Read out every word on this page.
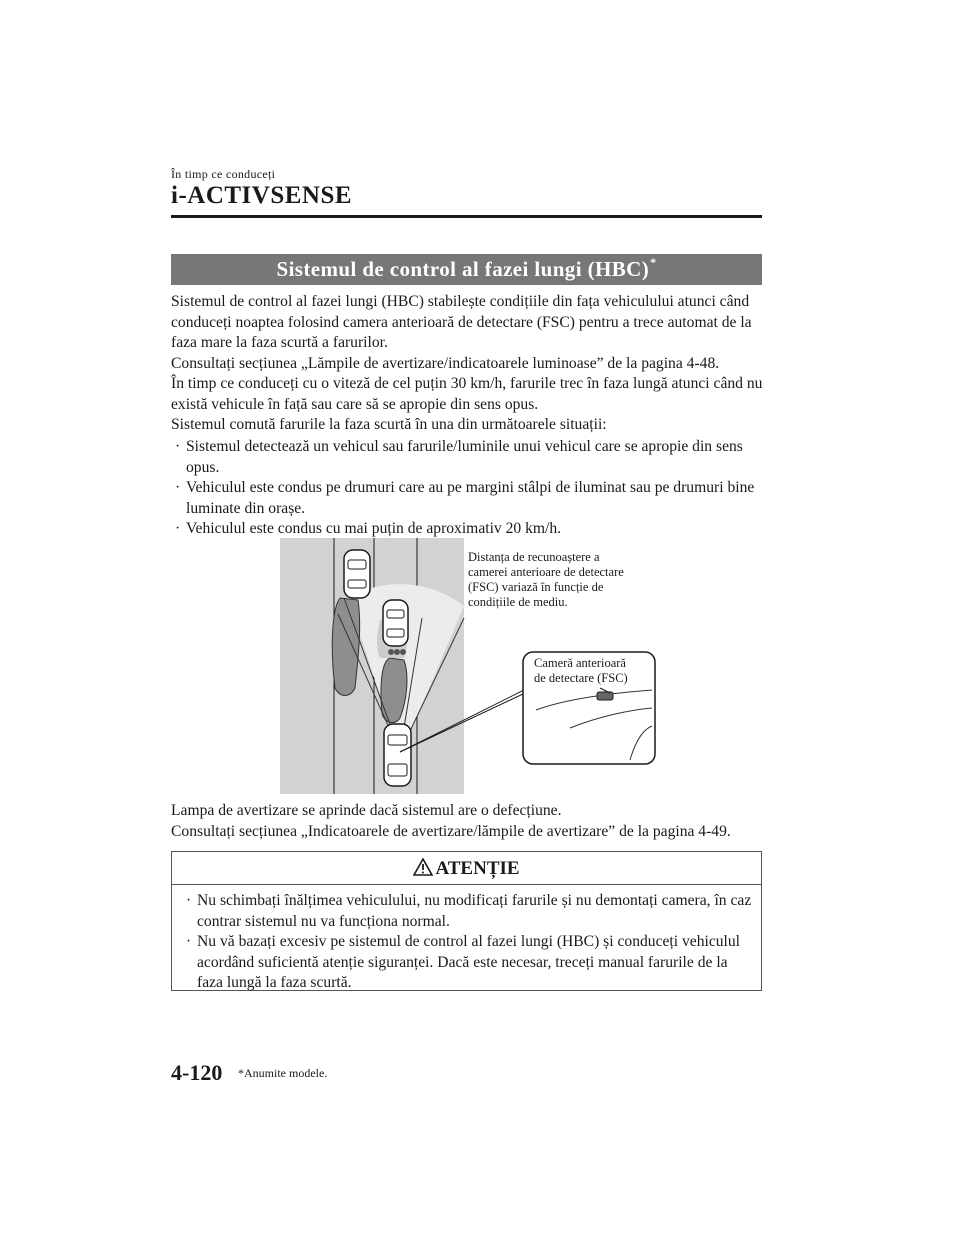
În timp ce conduceți
i-ACTIVSENSE
Sistemul de control al fazei lungi (HBC)*

Sistemul de control al fazei lungi (HBC) stabilește condițiile din fața vehiculului atunci când conduceți noaptea folosind camera anterioară de detectare (FSC) pentru a trece automat de la faza mare la faza scurtă a farurilor.

Consultați secțiunea „Lămpile de avertizare/indicatoarele luminoase” de la pagina 4-48.

În timp ce conduceți cu o viteză de cel puțin 30 km/h, farurile trec în faza lungă atunci când nu există vehicule în față sau care să se apropie din sens opus.

Sistemul comută farurile la faza scurtă în una din următoarele situații:

· Sistemul detectează un vehicul sau farurile/luminile unui vehicul care se apropie din sens opus.
· Vehiculul este condus pe drumuri care au pe margini stâlpi de iluminat sau pe drumuri bine luminate din orașe.
· Vehiculul este condus cu mai puțin de aproximativ 20 km/h.
Distanța de recunoaștere a
camerei anterioare de detectare
(FSC) variază în funcție de
condițiile de mediu.
Cameră anterioară
de detectare (FSC)

Lampa de avertizare se aprinde dacă sistemul are o defecțiune.

Consultați secțiunea „Indicatoarele de avertizare/lămpile de avertizare” de la pagina 4-49.

ATENȚIE
· Nu schimbați înălțimea vehiculului, nu modificați farurile și nu demontați camera, în caz contrar sistemul nu va funcționa normal.
· Nu vă bazați excesiv pe sistemul de control al fazei lungi (HBC) și conduceți vehiculul acordând suficientă atenție siguranței. Dacă este necesar, treceți manual farurile de la faza lungă la faza scurtă.
4-120 *Anumite modele.
